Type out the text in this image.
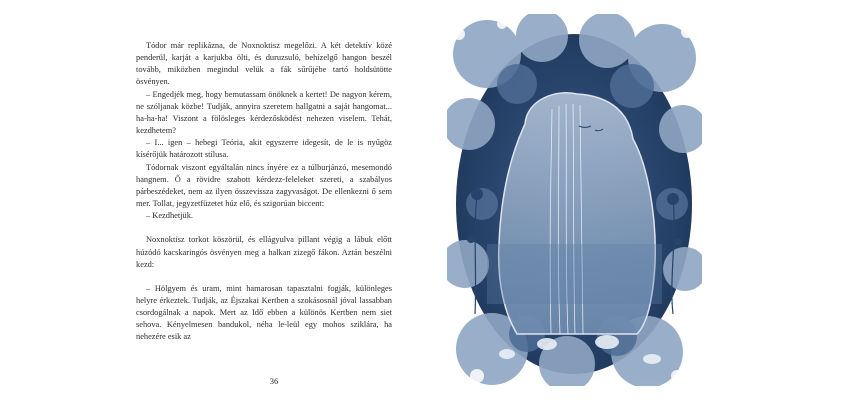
Tódor már replikázna, de Noxnoktisz megelőzi. A két detektív közé penderül, karját a karjukba ölti, és duruzsuló, behízelgő hangon beszél tovább, miközben megindul velük a fák sűrűjébe tartó holdsütötte ösvényen.

– Engedjék meg, hogy bemutassam önöknek a kertet! De nagyon kérem, ne szóljanak közbe! Tudják, annyira szeretem hallgatni a saját hangomat... ha-ha-ha! Viszont a fölösleges kérdezősködést nehezen viselem. Tehát, kezdhetem?

– I... igen – hebegi Teória, akit egyszerre idegesít, de le is nyűgöz kísérőjük határozott stílusa.

Tódornak viszont egyáltalán nincs ínyére ez a túlburjánzó, mesemondó hangnem. Ő a rövidre szabott kérdezz-feleleket szereti, a szabályos párbeszédeket, nem az ilyen összevissza zagyvaságot. De ellenkezni ő sem mer. Tollat, jegyzetfüzetet húz elő, és szigorúan biccent:

– Kezdhetjük.

Noxnoktisz torkot köszörül, és ellágyulva pillant végig a lábuk előtt húzódó kacskaringós ösvényen meg a halkan zizegő fákon. Aztán beszélni kezd:

– Hölgyem és uram, mint hamarosan tapasztalni fogják, különleges helyre érkeztek. Tudják, az Éjszakai Kertben a szokásosnál jóval lassabban csordogálnak a napok. Mert az Idő ebben a különös Kertben nem siet sehova. Kényelmesen bandukol, néha le-leül egy mohos sziklára, ha nehezére esik az

36
